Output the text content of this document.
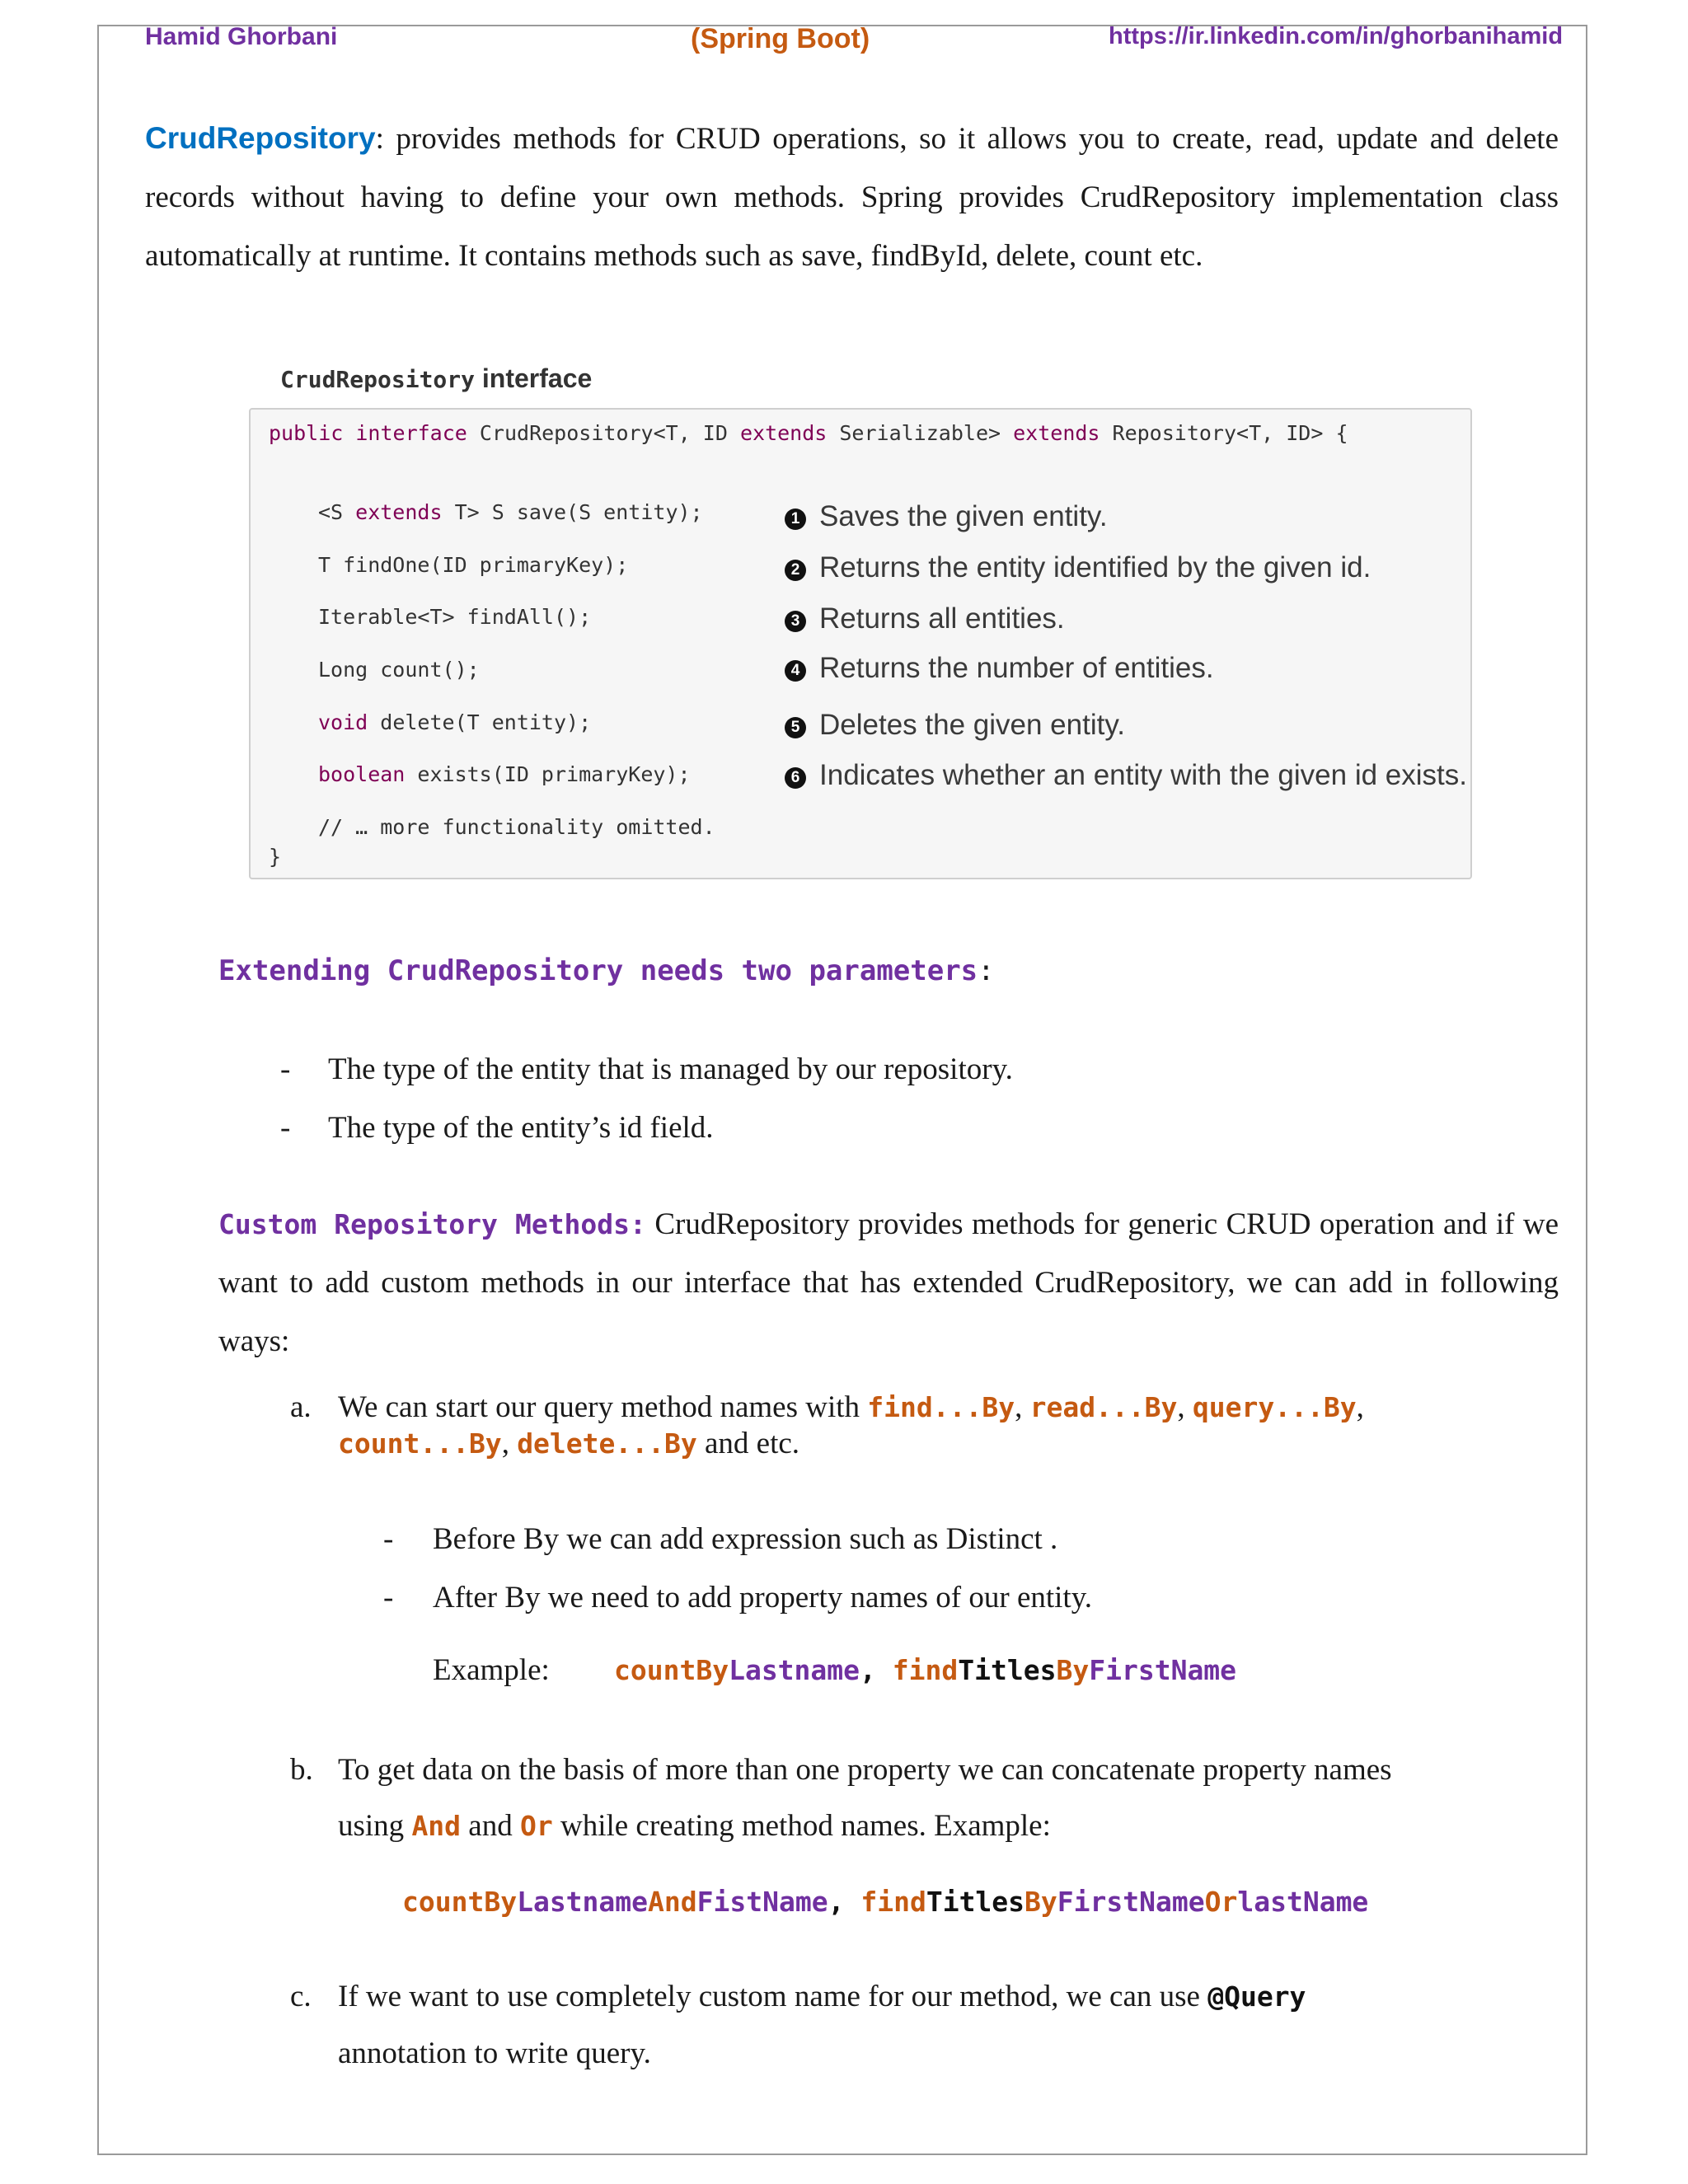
Hamid Ghorbani	(Spring Boot)	https://ir.linkedin.com/in/ghorbanihamid
CrudRepository: provides methods for CRUD operations, so it allows you to create, read, update and delete records without having to define your own methods. Spring provides CrudRepository implementation class automatically at runtime. It contains methods such as save, findById, delete, count etc.
CrudRepository interface
public interface CrudRepository<T, ID extends Serializable> extends Repository<T, ID> {
<S extends T> S save(S entity);
T findOne(ID primaryKey);
Iterable<T> findAll();
Long count();
void delete(T entity);
boolean exists(ID primaryKey);
// … more functionality omitted.
}
1 Saves the given entity.
2 Returns the entity identified by the given id.
3 Returns all entities.
4 Returns the number of entities.
5 Deletes the given entity.
6 Indicates whether an entity with the given id exists.
Extending CrudRepository needs two parameters:
- The type of the entity that is managed by our repository.
- The type of the entity’s id field.
Custom Repository Methods: CrudRepository provides methods for generic CRUD operation and if we want to add custom methods in our interface that has extended CrudRepository, we can add in following ways:
a. We can start our query method names with find...By, read...By, query...By,
count...By, delete...By and etc.
- Before By we can add expression such as Distinct .
- After By we need to add property names of our entity.
Example: countByLastname, findTitlesByFirstName
b. To get data on the basis of more than one property we can concatenate property names
using And and Or while creating method names. Example:
countByLastnameAndFistName, findTitlesByFirstNameOrlastName
c. If we want to use completely custom name for our method, we can use @Query
annotation to write query.
